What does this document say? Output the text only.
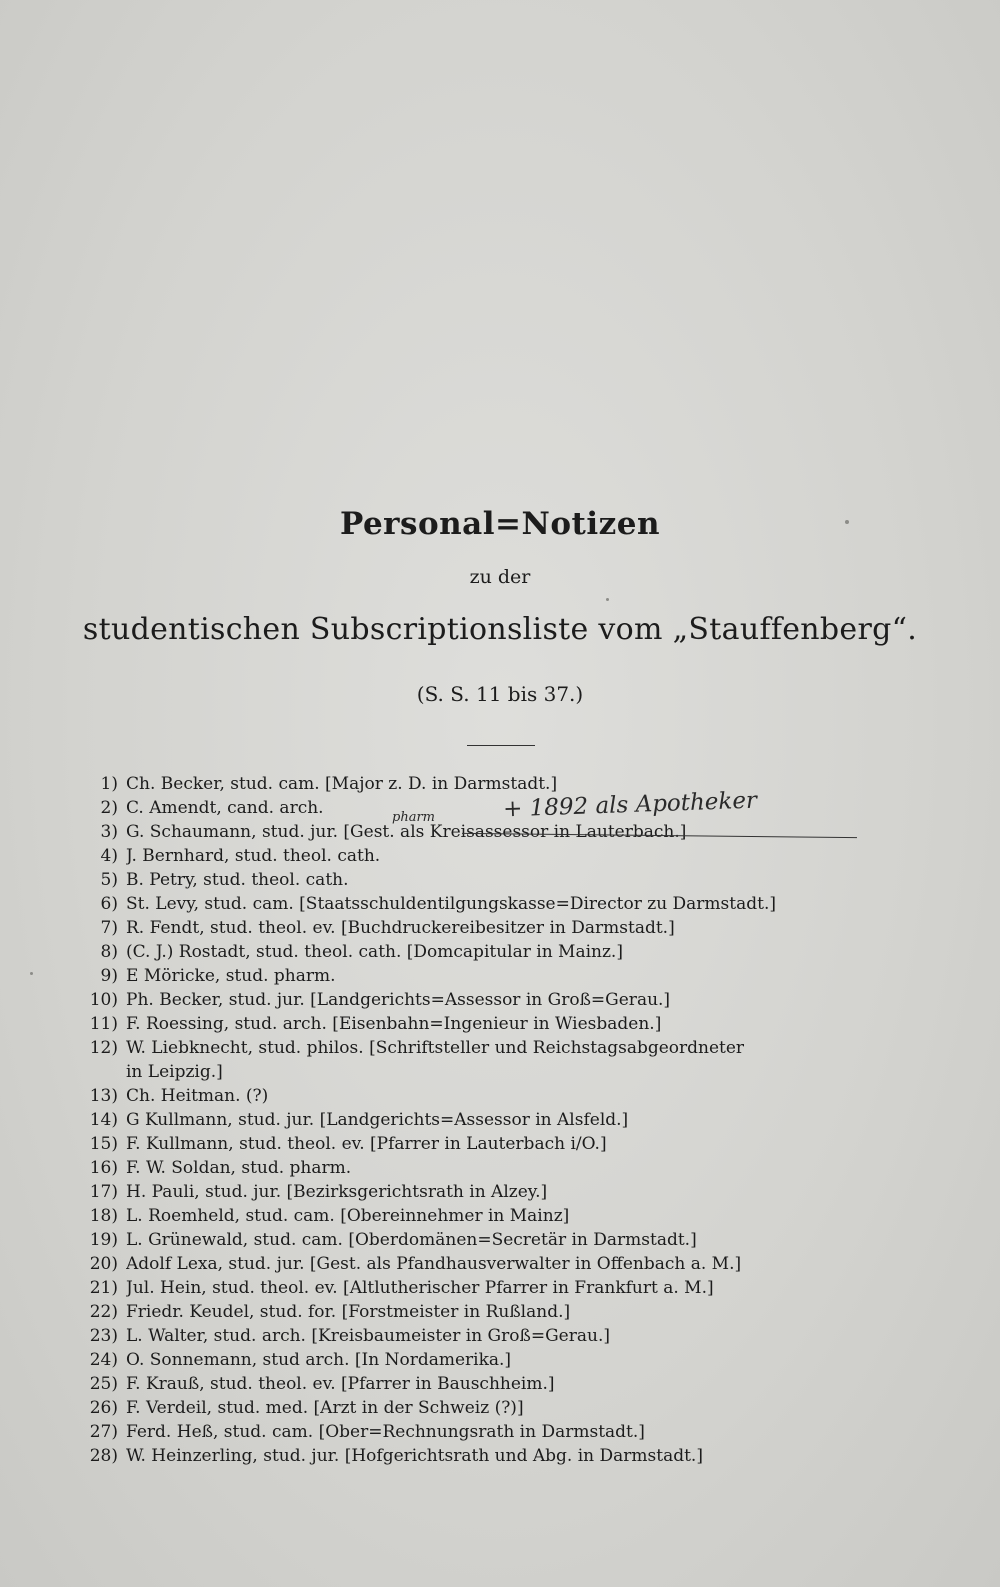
Personal=Notizen
zu der
studentischen Subscriptionsliste vom „Stauffenberg“.
(S. S. 11 bis 37.)
1) Ch. Becker, stud. cam. [Major z. D. in Darmstadt.]
2) C. Amendt, cand. arch.
3) G. Schaumann, stud. jur. [Gest. als Kreisassessor in Lauterbach.]
4) J. Bernhard, stud. theol. cath.
5) B. Petry, stud. theol. cath.
6) St. Levy, stud. cam. [Staatsschuldentilgungskasse=Director zu Darmstadt.]
7) R. Fendt, stud. theol. ev. [Buchdruckereibesitzer in Darmstadt.]
8) (C. J.) Rostadt, stud. theol. cath. [Domcapitular in Mainz.]
9) E Möricke, stud. pharm.
10) Ph. Becker, stud. jur. [Landgerichts=Assessor in Groß=Gerau.]
11) F. Roessing, stud. arch. [Eisenbahn=Ingenieur in Wiesbaden.]
12) W. Liebknecht, stud. philos. [Schriftsteller und Reichstagsabgeordneter
in Leipzig.]
13) Ch. Heitman. (?)
14) G Kullmann, stud. jur. [Landgerichts=Assessor in Alsfeld.]
15) F. Kullmann, stud. theol. ev. [Pfarrer in Lauterbach i/O.]
16) F. W. Soldan, stud. pharm.
17) H. Pauli, stud. jur. [Bezirksgerichtsrath in Alzey.]
18) L. Roemheld, stud. cam. [Obereinnehmer in Mainz]
19) L. Grünewald, stud. cam. [Oberdomänen=Secretär in Darmstadt.]
20) Adolf Lexa, stud. jur. [Gest. als Pfandhausverwalter in Offenbach a. M.]
21) Jul. Hein, stud. theol. ev. [Altlutherischer Pfarrer in Frankfurt a. M.]
22) Friedr. Keudel, stud. for. [Forstmeister in Rußland.]
23) L. Walter, stud. arch. [Kreisbaumeister in Groß=Gerau.]
24) O. Sonnemann, stud arch. [In Nordamerika.]
25) F. Krauß, stud. theol. ev. [Pfarrer in Bauschheim.]
26) F. Verdeil, stud. med. [Arzt in der Schweiz (?)]
27) Ferd. Heß, stud. cam. [Ober=Rechnungsrath in Darmstadt.]
28) W. Heinzerling, stud. jur. [Hofgerichtsrath und Abg. in Darmstadt.]
+ 1892 als Apotheker
pharm
